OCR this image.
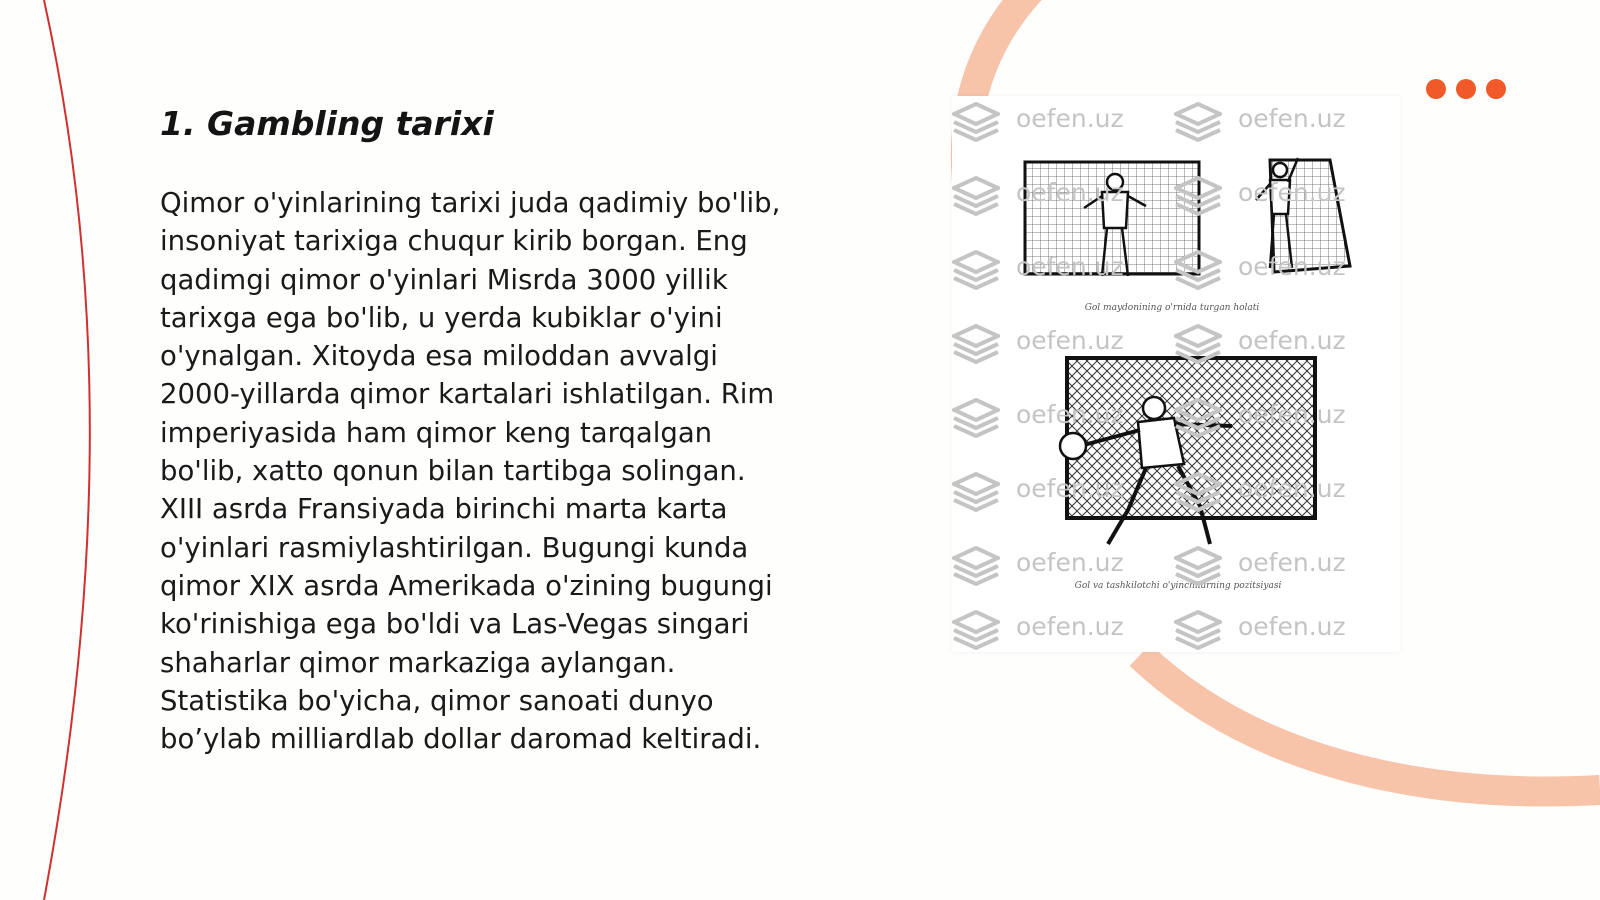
1. Gambling tarixi
Qimor o'yinlarining tarixi juda qadimiy bo'lib,
insoniyat tarixiga chuqur kirib borgan. Eng
qadimgi qimor o'yinlari Misrda 3000 yillik
tarixga ega bo'lib, u yerda kubiklar o'yini
o'ynalgan. Xitoyda esa miloddan avvalgi
2000-yillarda qimor kartalari ishlatilgan. Rim
imperiyasida ham qimor keng tarqalgan
bo'lib, xatto qonun bilan tartibga solingan.
XIII asrda Fransiyada birinchi marta karta
o'yinlari rasmiylashtirilgan. Bugungi kunda
qimor XIX asrda Amerikada o'zining bugungi
ko'rinishiga ega bo'ldi va Las-Vegas singari
shaharlar qimor markaziga aylangan.
Statistika bo'yicha, qimor sanoati dunyo
bo’ylab milliardlab dollar daromad keltiradi.
Gol maydonining o'rnida turgan holati
Gol va tashkilotchi o'yinchilarning pozitsiyasi
oefen.uz	oefen.uz
oefen.uz	oefen.uz
oefen.uz	oefen.uz
oefen.uz	oefen.uz
oefen.uz	oefen.uz
oefen.uz	oefen.uz
oefen.uz	oefen.uz
oefen.uz	oefen.uz
